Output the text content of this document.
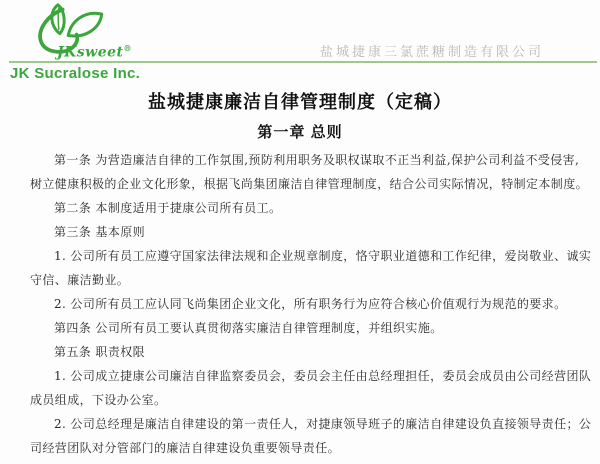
JKsweet®	盐城捷康三氯蔗糖制造有限公司
JK Sucralose Inc.
盐城捷康廉洁自律管理制度（定稿）
第一章 总则
第一条 为营造廉洁自律的工作氛围,预防利用职务及职权谋取不正当利益,保护公司利益不受侵害,
树立健康积极的企业文化形象，根据飞尚集团廉洁自律管理制度，结合公司实际情况，特制定本制度。
第二条 本制度适用于捷康公司所有员工。
第三条 基本原则
1. 公司所有员工应遵守国家法律法规和企业规章制度，恪守职业道德和工作纪律，爱岗敬业、诚实
守信、廉洁勤业。
2. 公司所有员工应认同飞尚集团企业文化，所有职务行为应符合核心价值观行为规范的要求。
第四条 公司所有员工要认真贯彻落实廉洁自律管理制度，并组织实施。
第五条 职责权限
1. 公司成立捷康公司廉洁自律监察委员会，委员会主任由总经理担任，委员会成员由公司经营团队
成员组成，下设办公室。
2. 公司总经理是廉洁自律建设的第一责任人，对捷康领导班子的廉洁自律建设负直接领导责任；公
司经营团队对分管部门的廉洁自律建设负重要领导责任。
